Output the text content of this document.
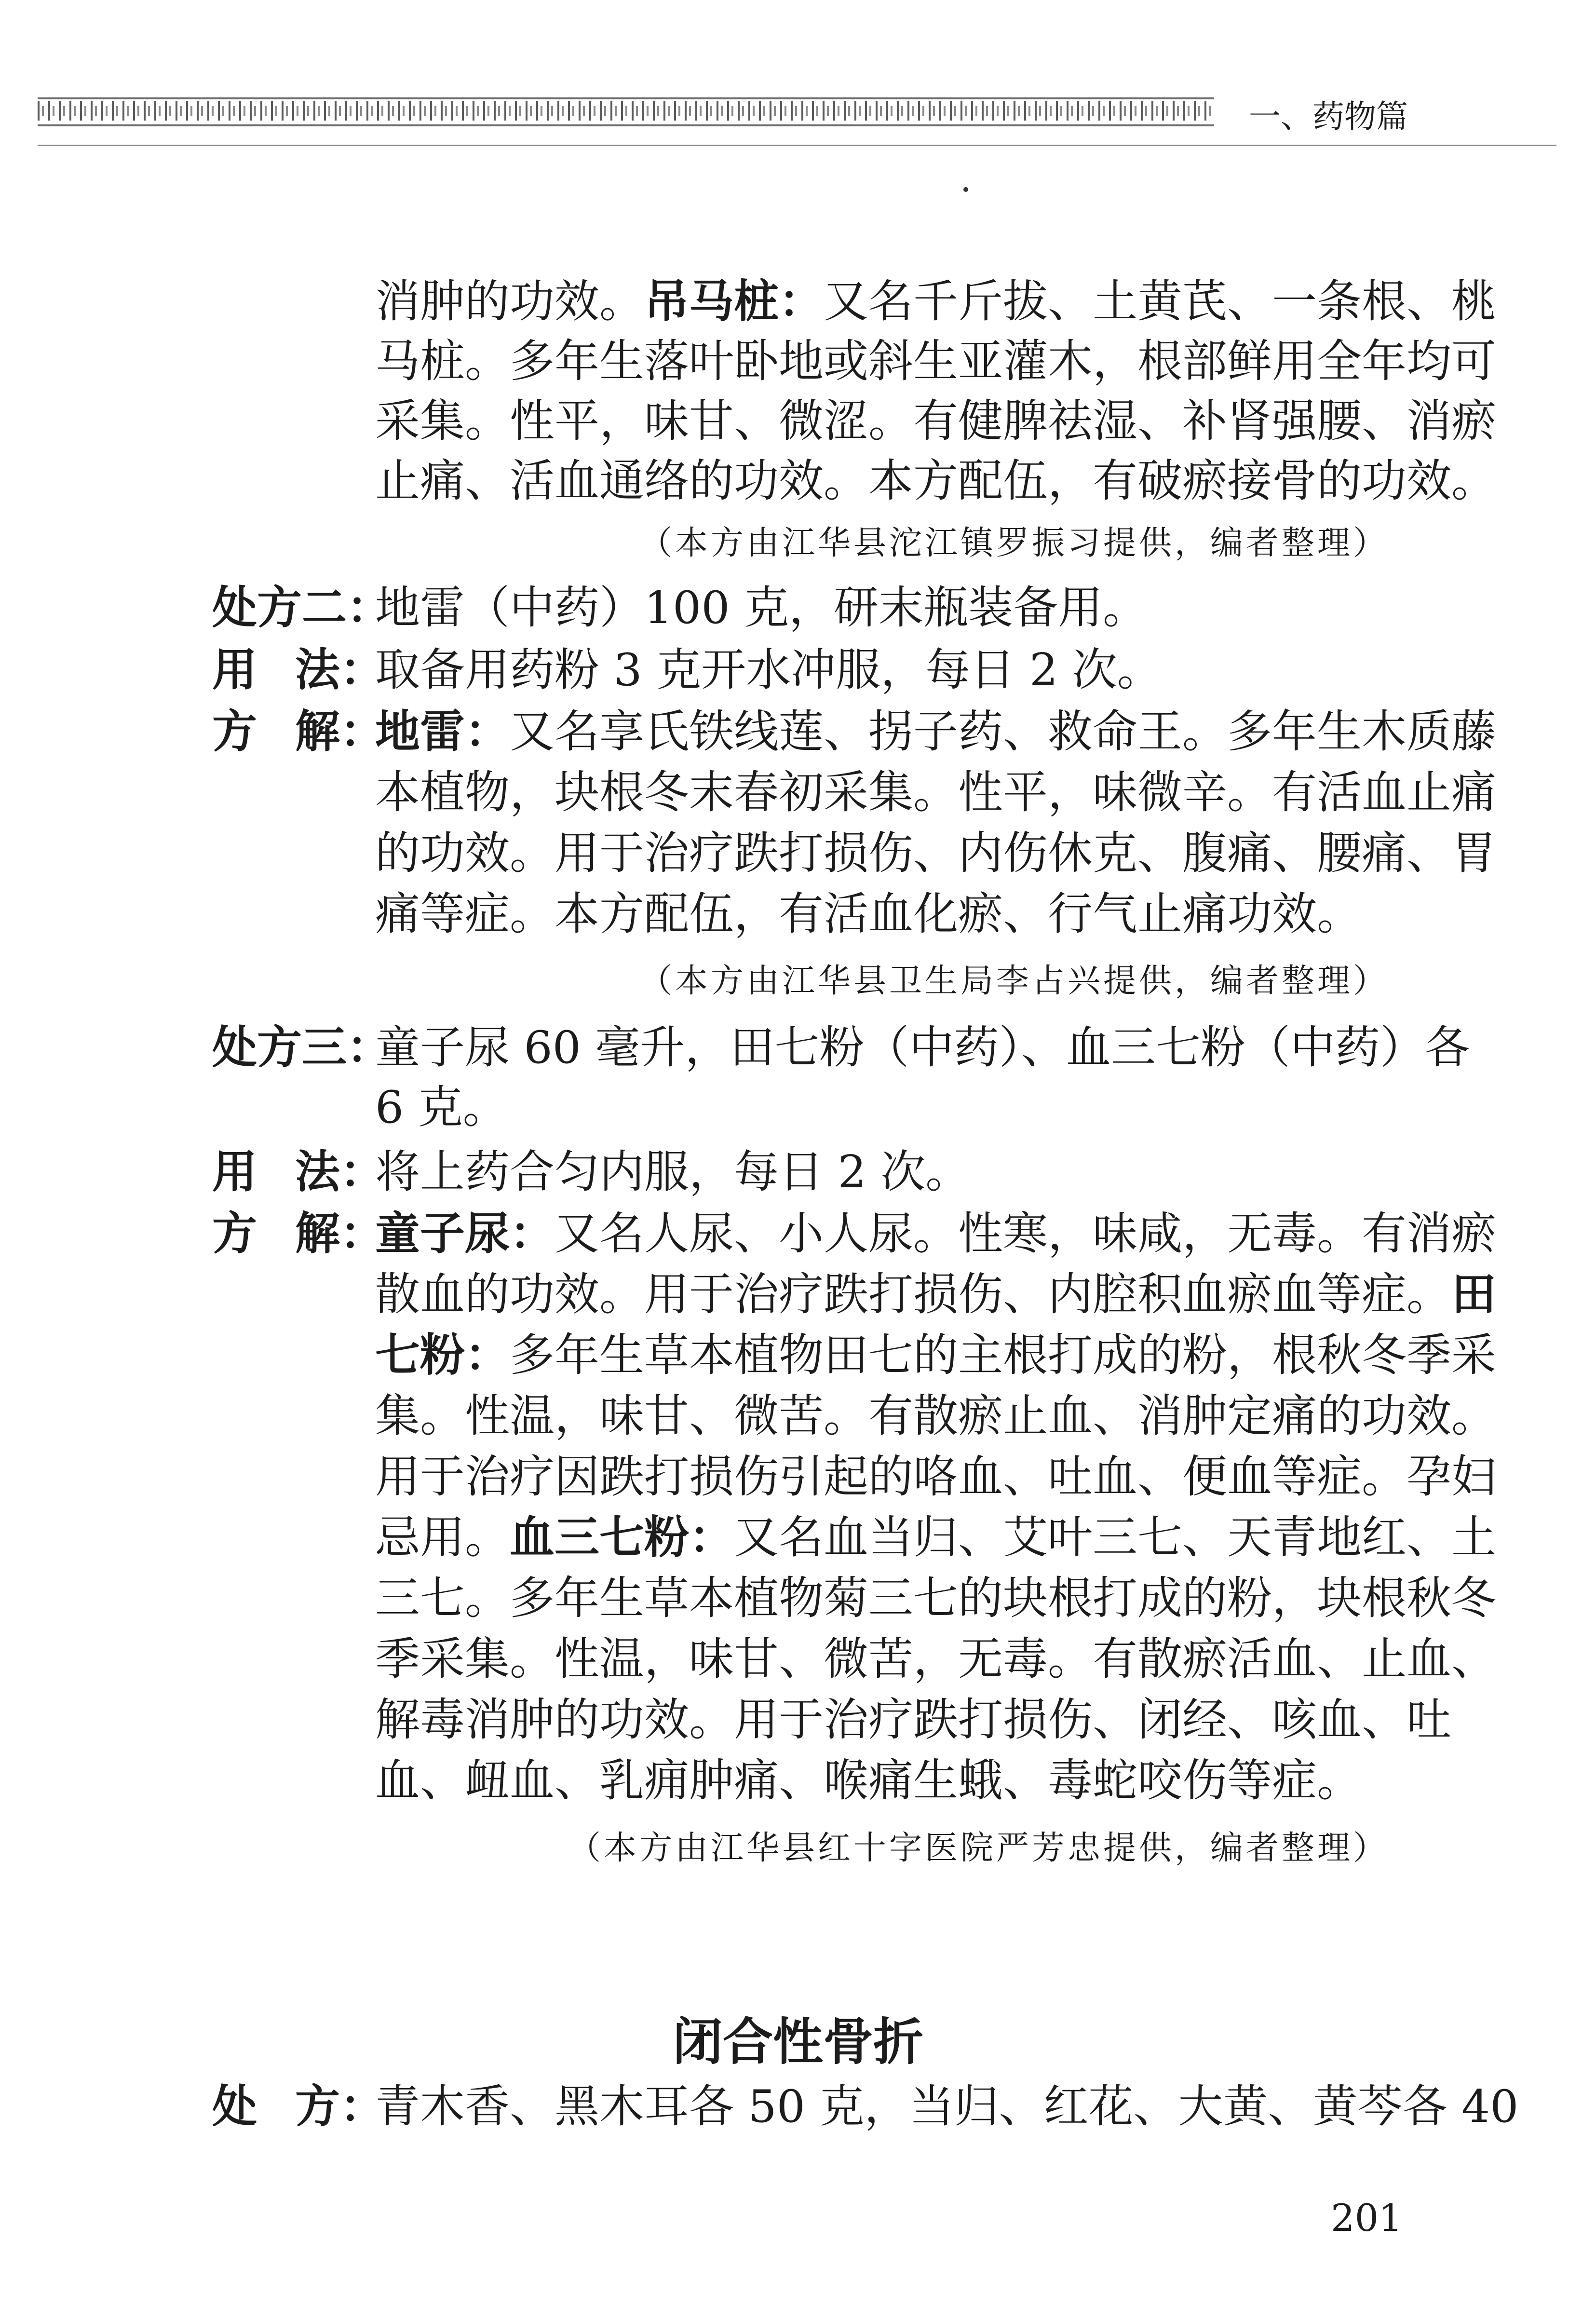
一、药物篇
消肿的功效。吊马桩：又名千斤拔、土黄芪、一条根、桃
马桩。多年生落叶卧地或斜生亚灌木，根部鲜用全年均可
采集。性平，味甘、微涩。有健脾祛湿、补肾强腰、消瘀
止痛、活血通络的功效。本方配伍，有破瘀接骨的功效。
（本方由江华县沱江镇罗振习提供，编者整理）
处方二：
地雷（中药）100 克，研末瓶装备用。
用 法：
取备用药粉 3 克开水冲服，每日 2 次。
方 解：
地雷：又名享氏铁线莲、拐子药、救命王。多年生木质藤
本植物，块根冬末春初采集。性平，味微辛。有活血止痛
的功效。用于治疗跌打损伤、内伤休克、腹痛、腰痛、胃
痛等症。本方配伍，有活血化瘀、行气止痛功效。
（本方由江华县卫生局李占兴提供，编者整理）
处方三：
童子尿 60 毫升，田七粉（中药）、血三七粉（中药）各
6 克。
用 法：
将上药合匀内服，每日 2 次。
方 解：
童子尿：又名人尿、小人尿。性寒，味咸，无毒。有消瘀
散血的功效。用于治疗跌打损伤、内腔积血瘀血等症。田
七粉：多年生草本植物田七的主根打成的粉，根秋冬季采
集。性温，味甘、微苦。有散瘀止血、消肿定痛的功效。
用于治疗因跌打损伤引起的咯血、吐血、便血等症。孕妇
忌用。血三七粉：又名血当归、艾叶三七、天青地红、土
三七。多年生草本植物菊三七的块根打成的粉，块根秋冬
季采集。性温，味甘、微苦，无毒。有散瘀活血、止血、
解毒消肿的功效。用于治疗跌打损伤、闭经、咳血、吐
血、衄血、乳痈肿痛、喉痛生蛾、毒蛇咬伤等症。
（本方由江华县红十字医院严芳忠提供，编者整理）
闭合性骨折
处 方：
青木香、黑木耳各 50 克，当归、红花、大黄、黄芩各 40
201
